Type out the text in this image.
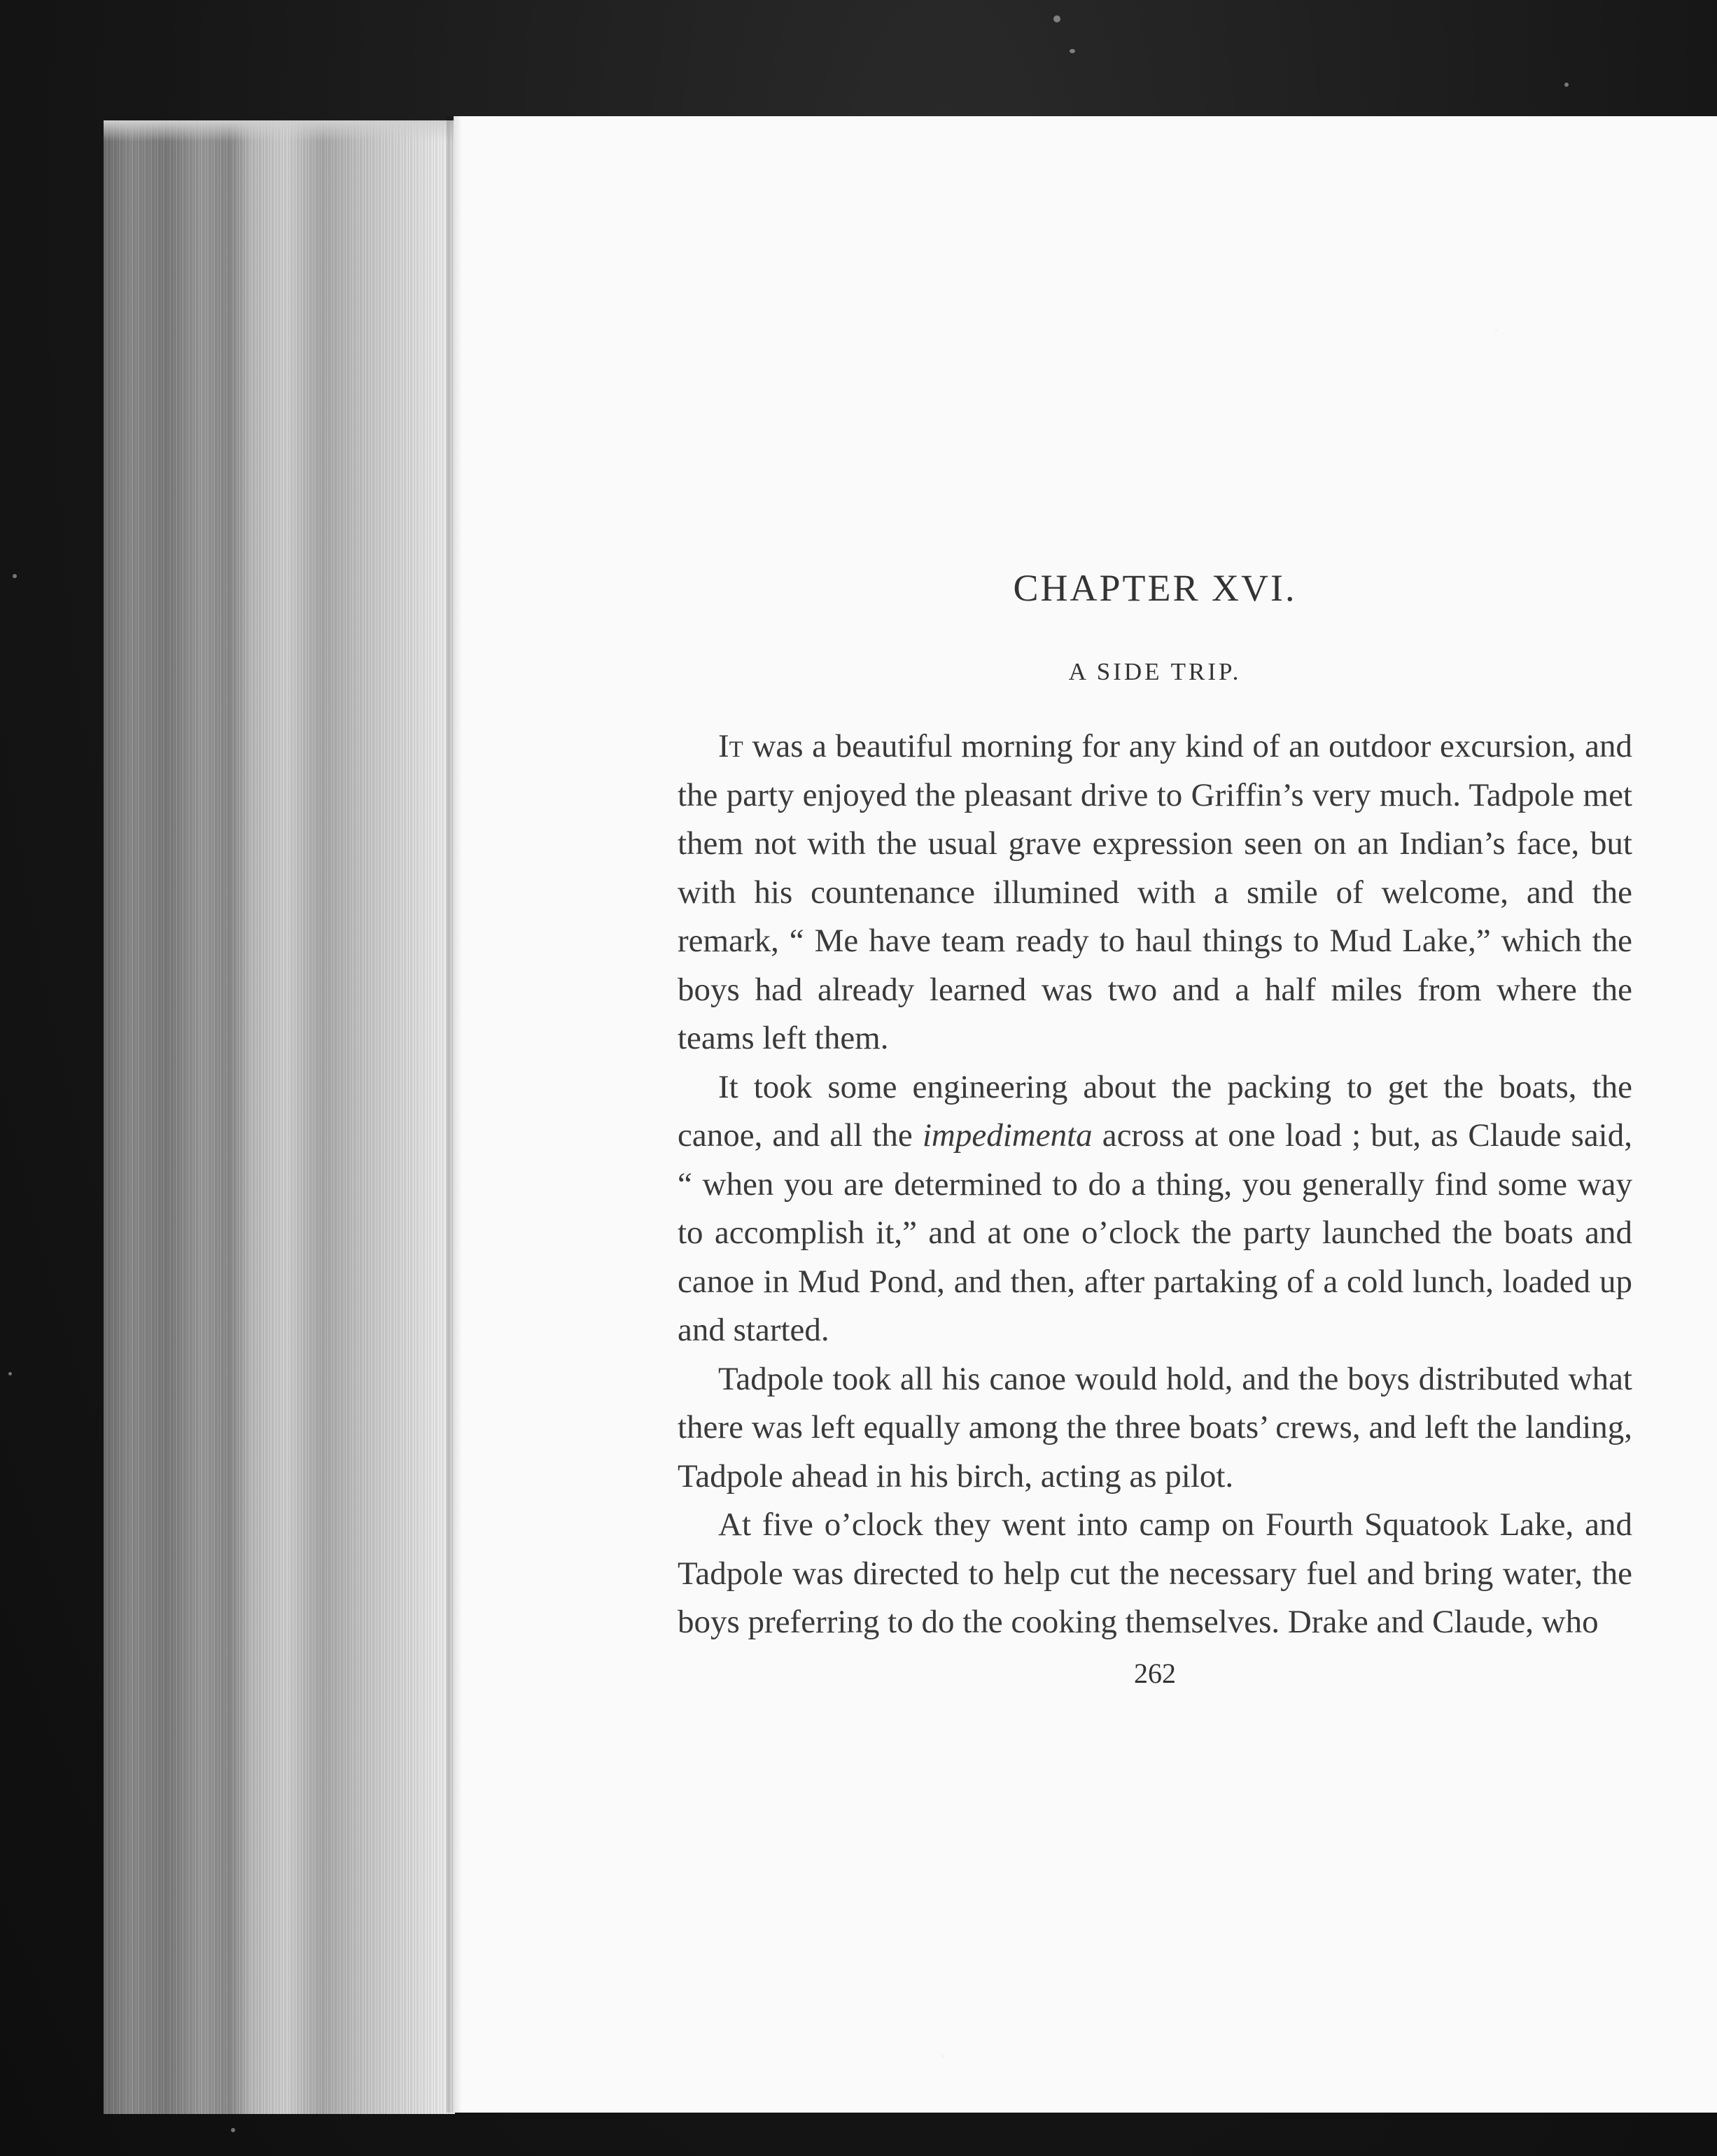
CHAPTER XVI.
A SIDE TRIP.

It was a beautiful morning for any kind of an outdoor excursion, and the party enjoyed the pleasant drive to Griffin’s very much. Tadpole met them not with the usual grave expression seen on an Indian’s face, but with his countenance illumined with a smile of welcome, and the remark, “ Me have team ready to haul things to Mud Lake,” which the boys had already learned was two and a half miles from where the teams left them.

It took some engineering about the packing to get the boats, the canoe, and all the impedimenta across at one load ; but, as Claude said, “ when you are determined to do a thing, you generally find some way to accomplish it,” and at one o’clock the party launched the boats and canoe in Mud Pond, and then, after partaking of a cold lunch, loaded up and started.

Tadpole took all his canoe would hold, and the boys distributed what there was left equally among the three boats’ crews, and left the landing, Tadpole ahead in his birch, acting as pilot.

At five o’clock they went into camp on Fourth Squatook Lake, and Tadpole was directed to help cut the necessary fuel and bring water, the boys preferring to do the cooking themselves. Drake and Claude, who

262
